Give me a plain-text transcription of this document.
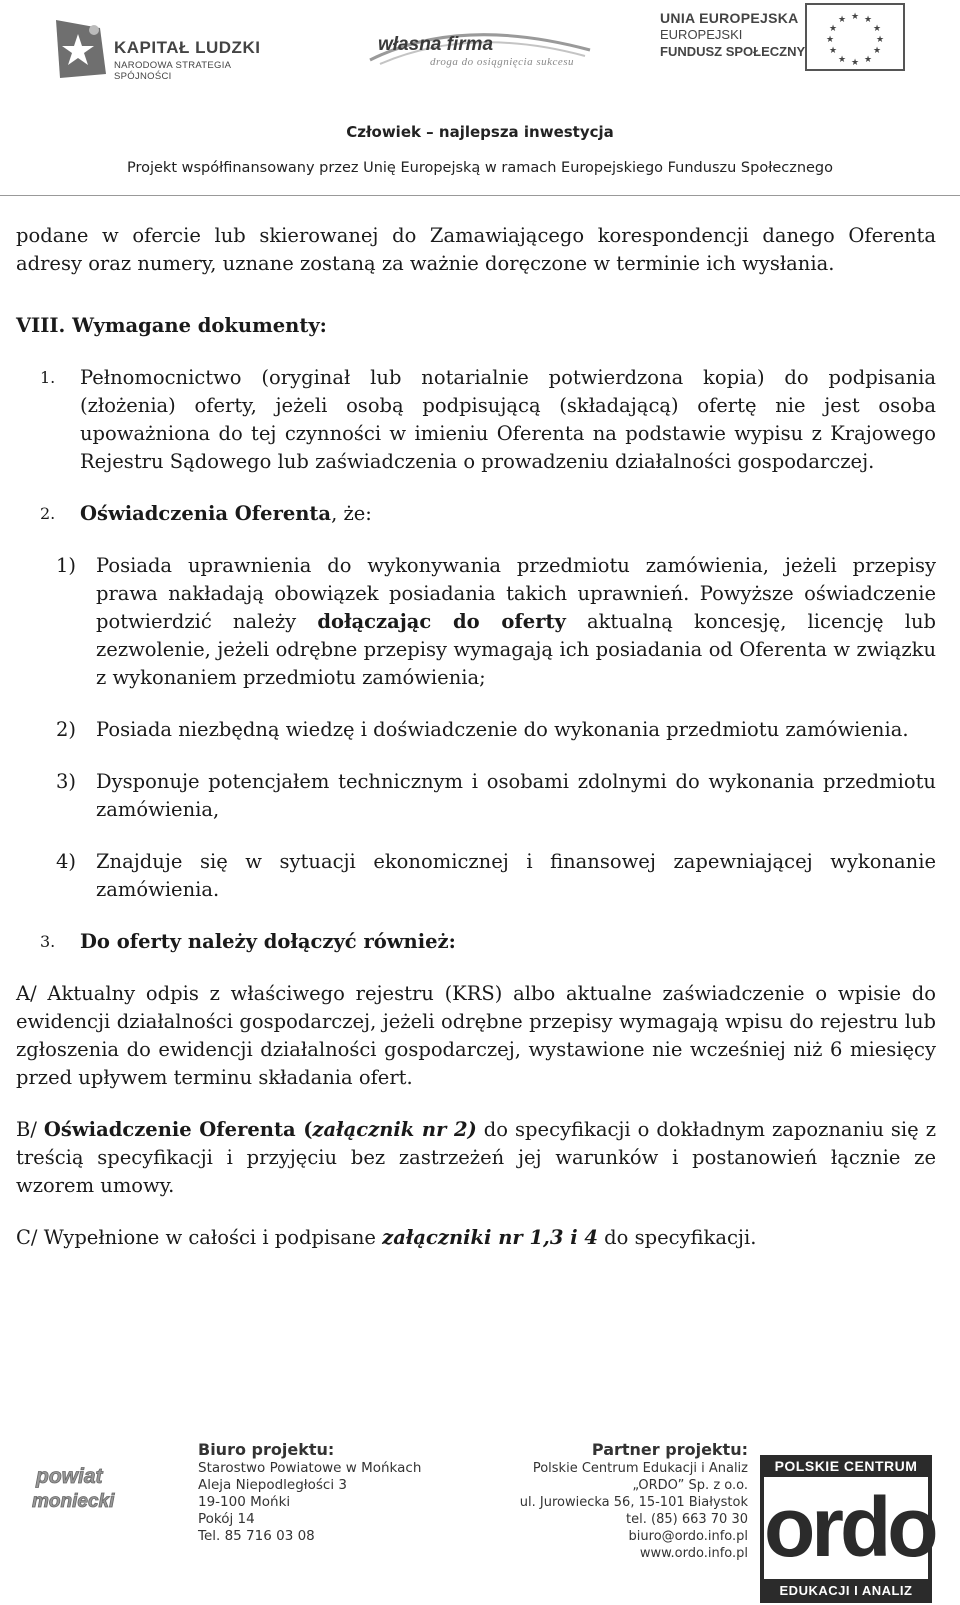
KAPITAŁ LUDZKI
NARODOWA STRATEGIA SPÓJNOŚCI
własna firma
droga do osiągnięcia sukcesu
UNIA EUROPEJSKA
EUROPEJSKI
FUNDUSZ SPOŁECZNY
★ ★
★
★
★
★
★
★
★
★
★
★
Człowiek – najlepsza inwestycja
Projekt współfinansowany przez Unię Europejską w ramach Europejskiego Funduszu Społecznego

podane w ofercie lub skierowanej do Zamawiającego korespondencji danego Oferenta adresy oraz numery, uznane zostaną za ważnie doręczone w terminie ich wysłania.

VIII. Wymagane dokumenty:

1. Pełnomocnictwo (oryginał lub notarialnie potwierdzona kopia) do podpisania (złożenia) oferty, jeżeli osobą podpisującą (składającą) ofertę nie jest osoba upoważniona do tej czynności w imieniu Oferenta na podstawie wypisu z Krajowego Rejestru Sądowego lub zaświadczenia o prowadzeniu działalności gospodarczej.

2. Oświadczenia Oferenta, że:

1) Posiada uprawnienia do wykonywania przedmiotu zamówienia, jeżeli przepisy prawa nakładają obowiązek posiadania takich uprawnień. Powyższe oświadczenie potwierdzić należy dołączając do oferty aktualną koncesję, licencję lub zezwolenie, jeżeli odrębne przepisy wymagają ich posiadania od Oferenta w związku z wykonaniem przedmiotu zamówienia;

2) Posiada niezbędną wiedzę i doświadczenie do wykonania przedmiotu zamówienia.

3) Dysponuje potencjałem technicznym i osobami zdolnymi do wykonania przedmiotu zamówienia,

4) Znajduje się w sytuacji ekonomicznej i finansowej zapewniającej wykonanie zamówienia.

3. Do oferty należy dołączyć również:

A/ Aktualny odpis z właściwego rejestru (KRS) albo aktualne zaświadczenie o wpisie do ewidencji działalności gospodarczej, jeżeli odrębne przepisy wymagają wpisu do rejestru lub zgłoszenia do ewidencji działalności gospodarczej, wystawione nie wcześniej niż 6 miesięcy przed upływem terminu składania ofert.

B/ Oświadczenie Oferenta (załącznik nr 2) do specyfikacji o dokładnym zapoznaniu się z treścią specyfikacji i przyjęciu bez zastrzeżeń jej warunków i postanowień łącznie ze wzorem umowy.

C/ Wypełnione w całości i podpisane załączniki nr 1,3 i 4 do specyfikacji.

powiat
moniecki
Biuro projektu:
Starostwo Powiatowe w Mońkach
Aleja Niepodległości 3
19-100 Mońki
Pokój 14
Tel. 85 716 03 08
Partner projektu:
Polskie Centrum Edukacji i Analiz
„ORDO” Sp. z o.o.
ul. Jurowiecka 56, 15-101 Białystok
tel. (85) 663 70 30
biuro@ordo.info.pl
www.ordo.info.pl
POLSKIE CENTRUM
ordo
EDUKACJI I ANALIZ
